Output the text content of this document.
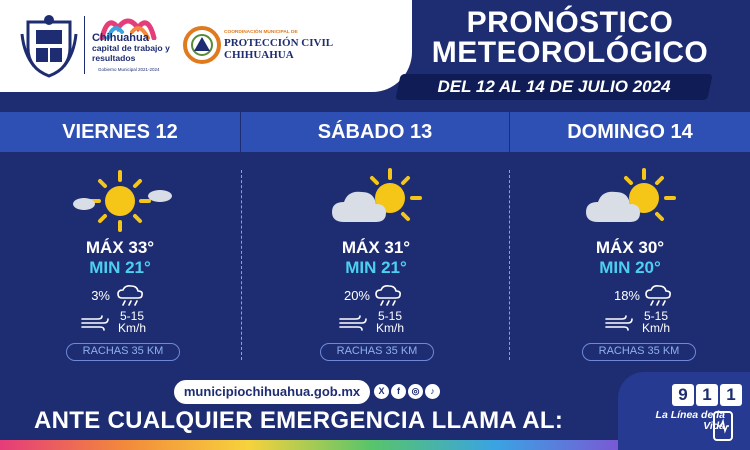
Chihuahua
capital de trabajo y resultados
Gobierno Municipal 2021-2024
COORDINACIÓN MUNICIPAL DE
PROTECCIÓN CIVIL CHIHUAHUA
PRONÓSTICO METEOROLÓGICO
DEL 12 AL 14 DE JULIO 2024
VIERNES 12	SÁBADO 13	DOMINGO 14
MÁX 33°
MIN 21°
3%
5-15 Km/h
RACHAS 35 KM
MÁX 31°
MIN 21°
20%
5-15 Km/h
RACHAS 35 KM
MÁX 30°
MIN 20°
18%
5-15 Km/h
RACHAS 35 KM
municipiochihuahua.gob.mx	X	f	◎	♪
ANTE CUALQUIER EMERGENCIA LLAMA AL:
9 1 1
La Línea de la Vida
